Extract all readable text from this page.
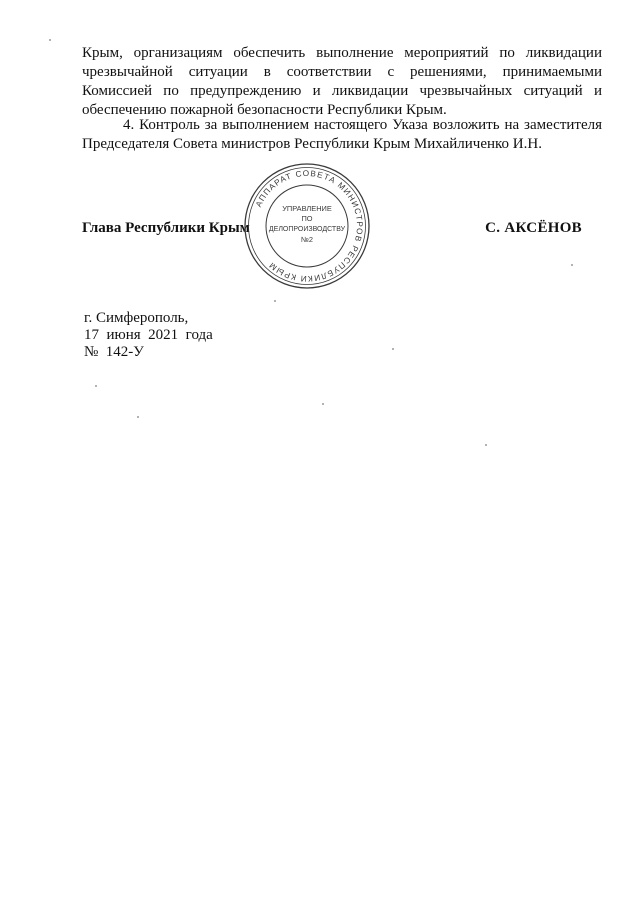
Крым, организациям обеспечить выполнение мероприятий по ликвидации чрезвычайной ситуации в соответствии с решениями, принимаемыми Комиссией по предупреждению и ликвидации чрезвычайных ситуаций и обеспечению пожарной безопасности Республики Крым.
4. Контроль за выполнением настоящего Указа возложить на заместителя Председателя Совета министров Республики Крым Михайличенко И.Н.
Глава Республики Крым	С. АКСЁНОВ
АППАРАТ СОВЕТА МИНИСТРОВ РЕСПУБЛИКИ КРЫМ
УПРАВЛЕНИЕ
ПО
ДЕЛОПРОИЗВОДСТВУ
№2
г. Симферополь,
17  июня  2021  года
№  142-У
